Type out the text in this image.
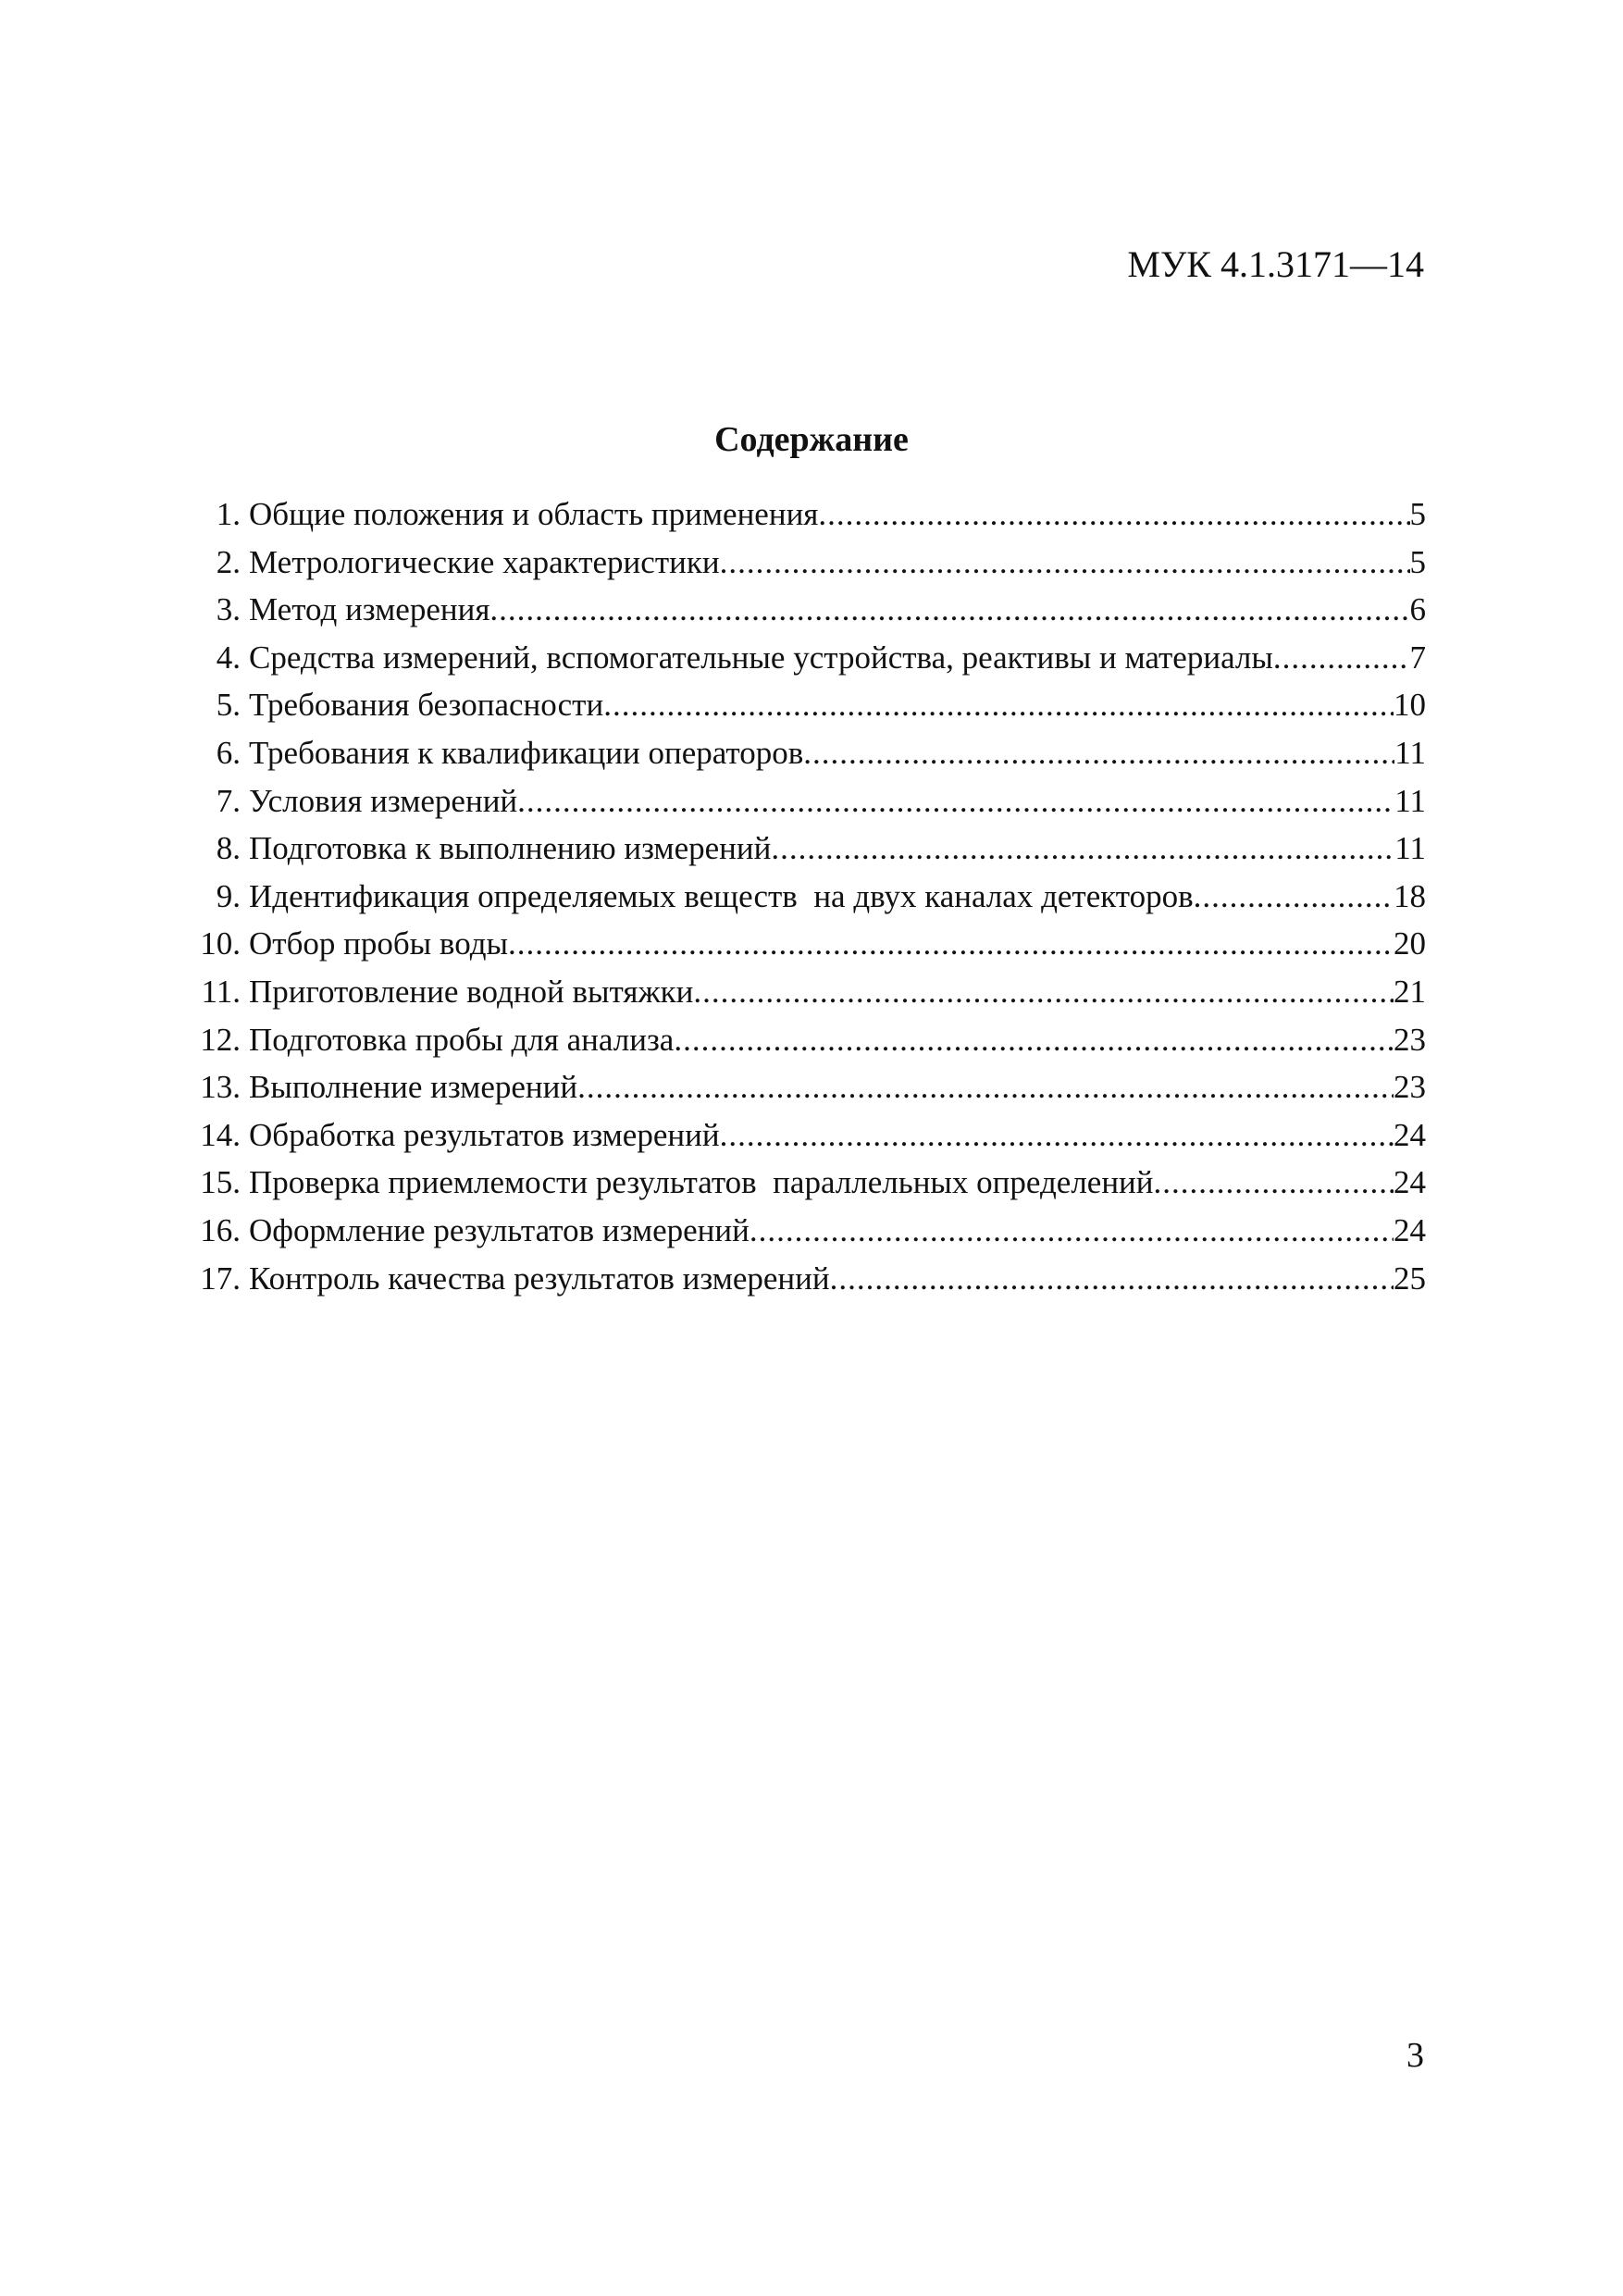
МУК 4.1.3171—14
Содержание
1. Общие положения и область применения .....	5
2. Метрологические характеристики .....	5
3. Метод измерения .....	6
4. Средства измерений, вспомогательные устройства, реактивы и материалы .....	7
5. Требования безопасности .....	10
6. Требования к квалификации операторов .....	11
7. Условия измерений .....	11
8. Подготовка к выполнению измерений .....	11
9. Идентификация определяемых веществ  на двух каналах детекторов .....	18
10. Отбор пробы воды .....	20
11. Приготовление водной вытяжки .....	21
12. Подготовка пробы для анализа .....	23
13. Выполнение измерений .....	23
14. Обработка результатов измерений .....	24
15. Проверка приемлемости результатов  параллельных определений .....	24
16. Оформление результатов измерений .....	24
17. Контроль качества результатов измерений .....	25
3
